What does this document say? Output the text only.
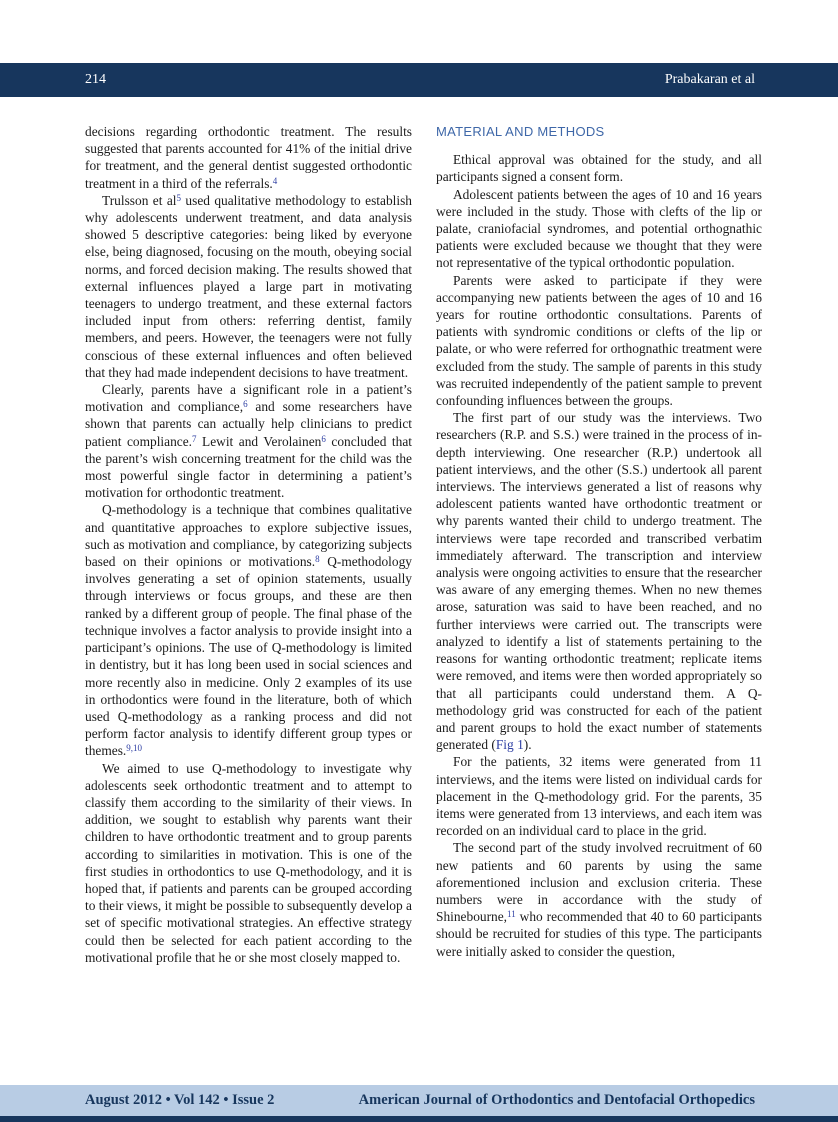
214	Prabakaran et al

decisions regarding orthodontic treatment. The results suggested that parents accounted for 41% of the initial drive for treatment, and the general dentist suggested orthodontic treatment in a third of the referrals.$^4$

Trulsson et al$^5$ used qualitative methodology to establish why adolescents underwent treatment, and data analysis showed 5 descriptive categories: being liked by everyone else, being diagnosed, focusing on the mouth, obeying social norms, and forced decision making. The results showed that external influences played a large part in motivating teenagers to undergo treatment, and these external factors included input from others: referring dentist, family members, and peers. However, the teenagers were not fully conscious of these external influences and often believed that they had made independent decisions to have treatment.

Clearly, parents have a significant role in a patient’s motivation and compliance,$^6$ and some researchers have shown that parents can actually help clinicians to predict patient compliance.$^7$ Lewit and Verolainen$^6$ concluded that the parent’s wish concerning treatment for the child was the most powerful single factor in determining a patient’s motivation for orthodontic treatment.

Q-methodology is a technique that combines qualitative and quantitative approaches to explore subjective issues, such as motivation and compliance, by categorizing subjects based on their opinions or motivations.$^8$ Q-methodology involves generating a set of opinion statements, usually through interviews or focus groups, and these are then ranked by a different group of people. The final phase of the technique involves a factor analysis to provide insight into a participant’s opinions. The use of Q-methodology is limited in dentistry, but it has long been used in social sciences and more recently also in medicine. Only 2 examples of its use in orthodontics were found in the literature, both of which used Q-methodology as a ranking process and did not perform factor analysis to identify different group types or themes.$^{9,10}$

We aimed to use Q-methodology to investigate why adolescents seek orthodontic treatment and to attempt to classify them according to the similarity of their views. In addition, we sought to establish why parents want their children to have orthodontic treatment and to group parents according to similarities in motivation. This is one of the first studies in orthodontics to use Q-methodology, and it is hoped that, if patients and parents can be grouped according to their views, it might be possible to subsequently develop a set of specific motivational strategies. An effective strategy could then be selected for each patient according to the motivational profile that he or she most closely mapped to.

MATERIAL AND METHODS

Ethical approval was obtained for the study, and all participants signed a consent form.

Adolescent patients between the ages of 10 and 16 years were included in the study. Those with clefts of the lip or palate, craniofacial syndromes, and potential orthognathic patients were excluded because we thought that they were not representative of the typical orthodontic population.

Parents were asked to participate if they were accompanying new patients between the ages of 10 and 16 years for routine orthodontic consultations. Parents of patients with syndromic conditions or clefts of the lip or palate, or who were referred for orthognathic treatment were excluded from the study. The sample of parents in this study was recruited independently of the patient sample to prevent confounding influences between the groups.

The first part of our study was the interviews. Two researchers (R.P. and S.S.) were trained in the process of in-depth interviewing. One researcher (R.P.) undertook all patient interviews, and the other (S.S.) undertook all parent interviews. The interviews generated a list of reasons why adolescent patients wanted have orthodontic treatment or why parents wanted their child to undergo treatment. The interviews were tape recorded and transcribed verbatim immediately afterward. The transcription and interview analysis were ongoing activities to ensure that the researcher was aware of any emerging themes. When no new themes arose, saturation was said to have been reached, and no further interviews were carried out. The transcripts were analyzed to identify a list of statements pertaining to the reasons for wanting orthodontic treatment; replicate items were removed, and items were then worded appropriately so that all participants could understand them. A Q-methodology grid was constructed for each of the patient and parent groups to hold the exact number of statements generated (Fig 1).

For the patients, 32 items were generated from 11 interviews, and the items were listed on individual cards for placement in the Q-methodology grid. For the parents, 35 items were generated from 13 interviews, and each item was recorded on an individual card to place in the grid.

The second part of the study involved recruitment of 60 new patients and 60 parents by using the same aforementioned inclusion and exclusion criteria. These numbers were in accordance with the study of Shinebourne,$^{11}$ who recommended that 40 to 60 participants should be recruited for studies of this type. The participants were initially asked to consider the question,

August 2012 • Vol 142 • Issue 2	American Journal of Orthodontics and Dentofacial Orthopedics
